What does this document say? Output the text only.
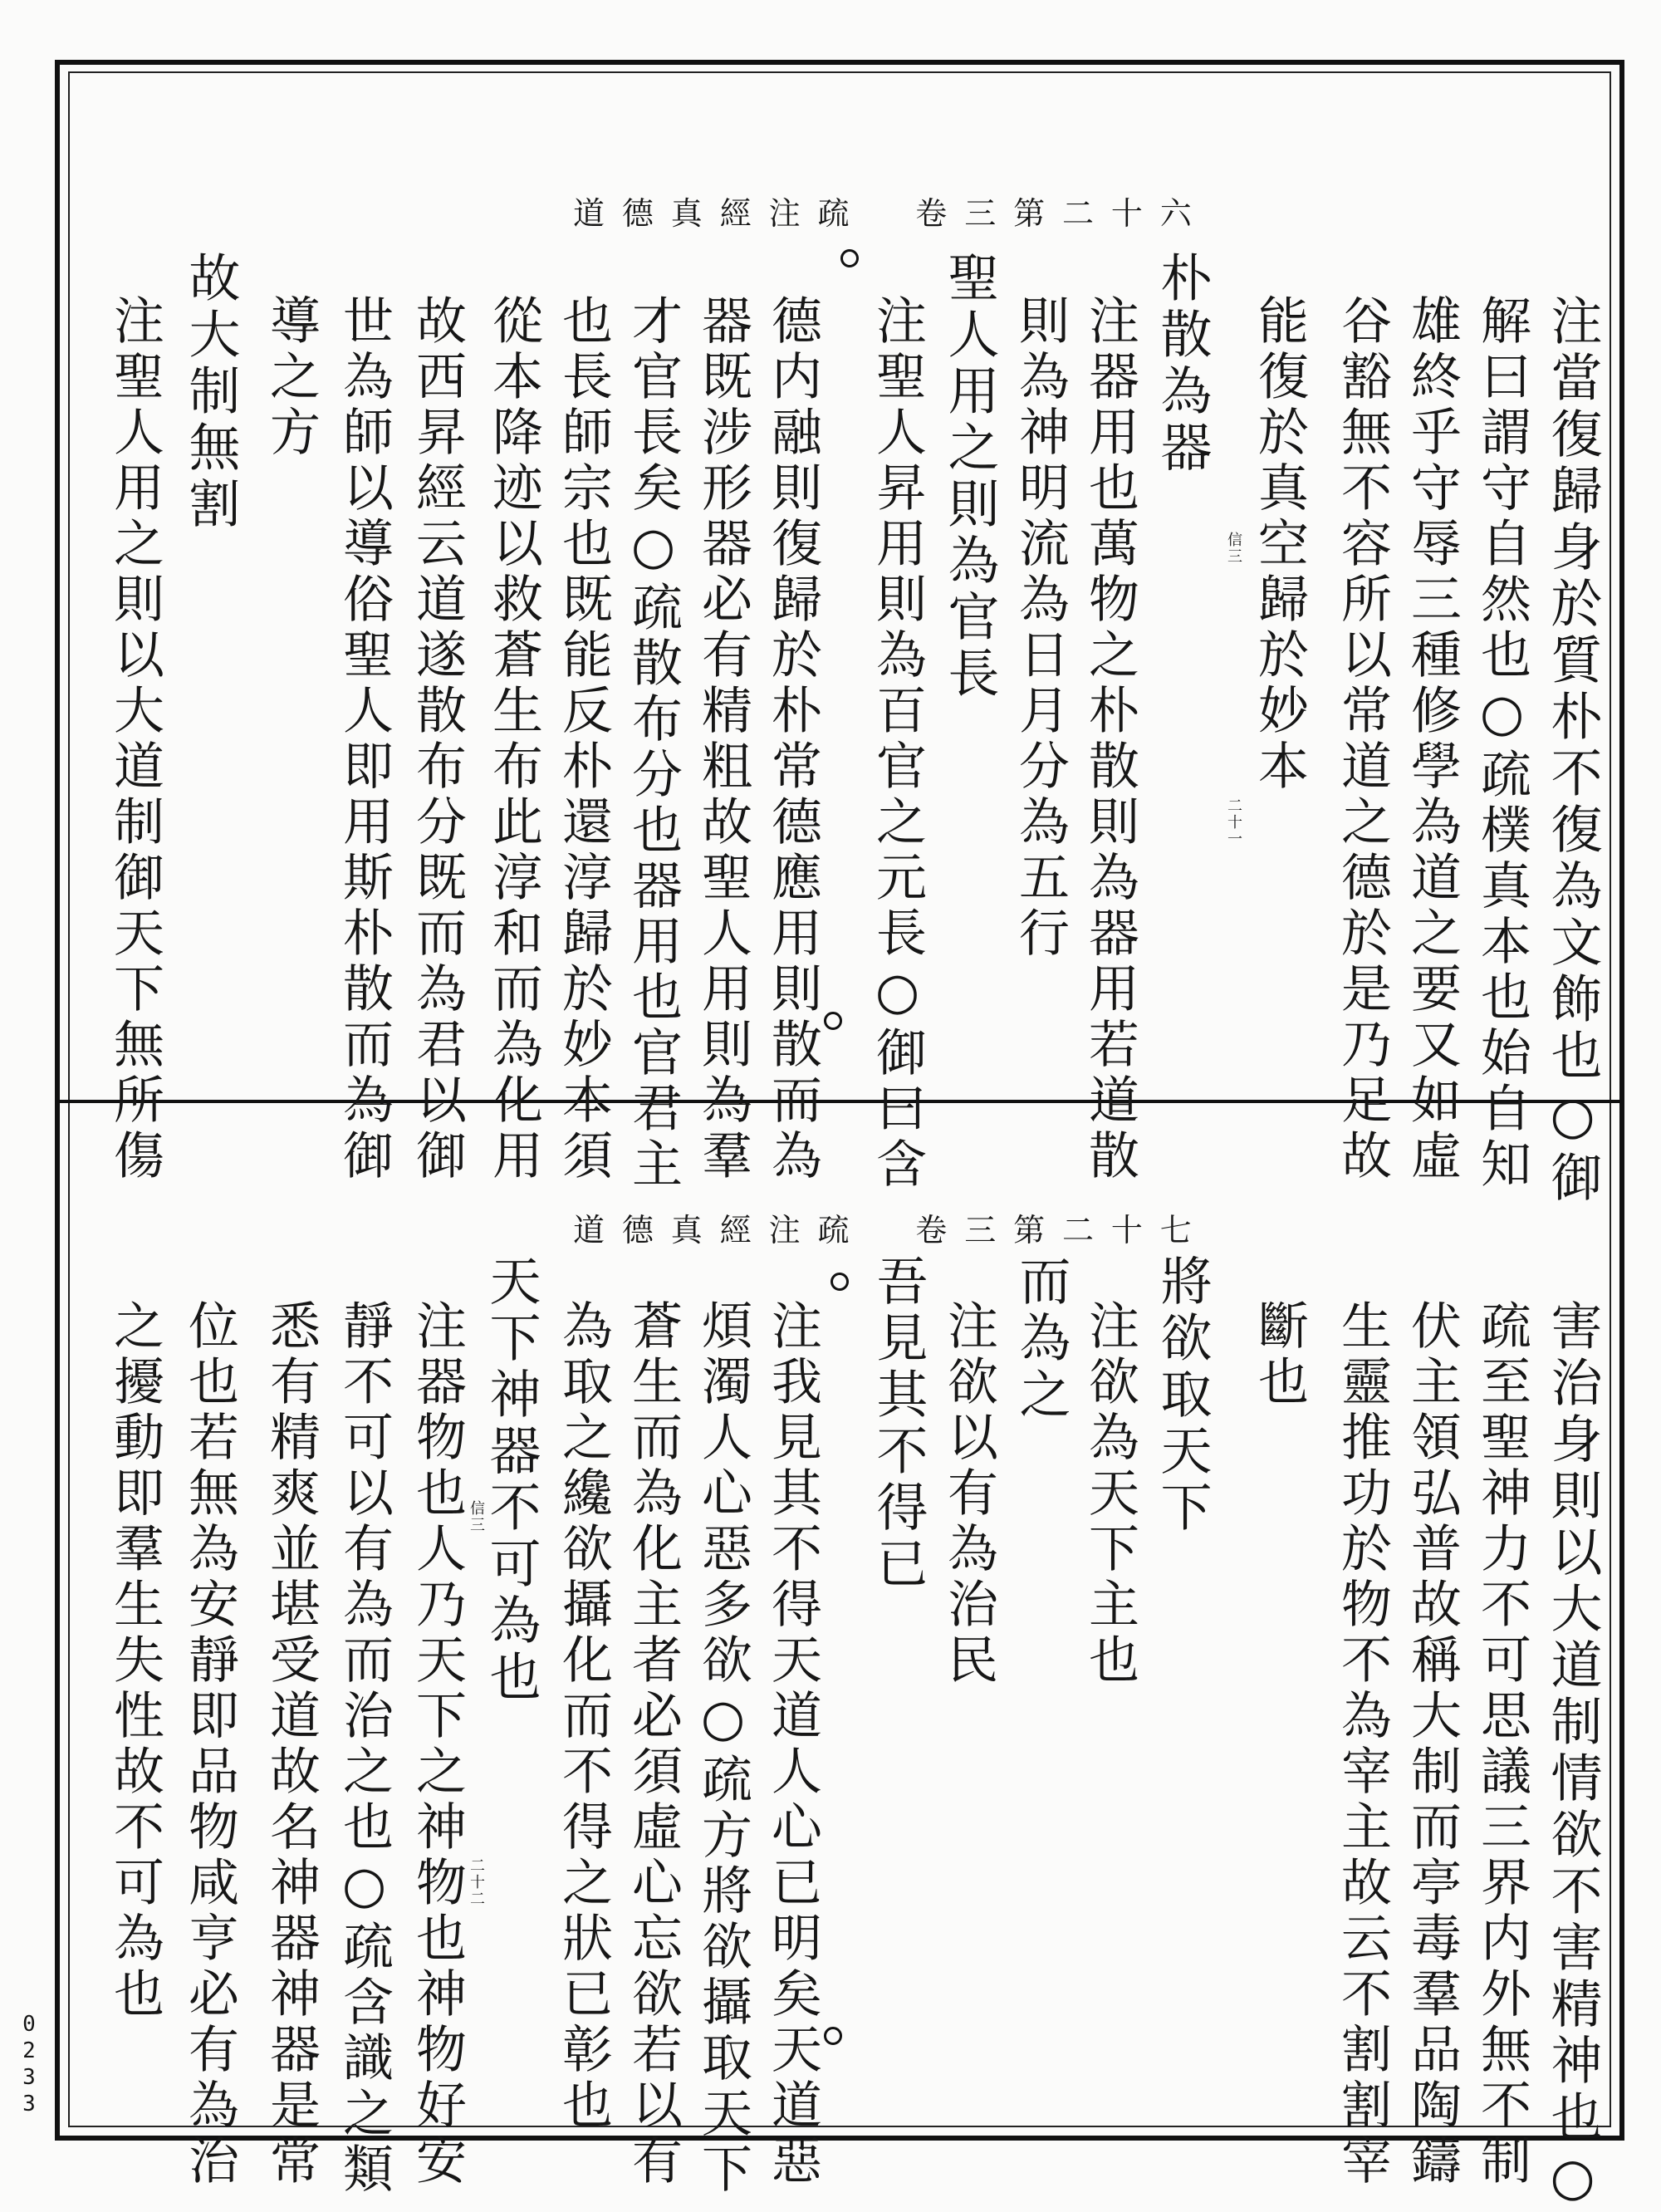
道德真經注疏　卷三第二十六
注當復歸身於質朴不復為文飾也○御
解曰謂守自然也○疏樸真本也始自知
雄終乎守辱三種修學為道之要又如虛
谷豁無不容所以常道之德於是乃足故
能復於真空歸於妙本
朴散為器
注器用也萬物之朴散則為器用若道散
則為神明流為日月分為五行
聖人用之則為官長
注聖人昇用則為百官之元長○御曰含
德内融則復歸於朴常德應用則散而為
器既涉形器必有精粗故聖人用則為羣
才官長矣○疏散布分也器用也官君主
也長師宗也既能反朴還淳歸於妙本須
從本降迹以救蒼生布此淳和而為化用
故西昇經云道遂散布分既而為君以御
世為師以導俗聖人即用斯朴散而為御
導之方
故大制無割
注聖人用之則以大道制御天下無所傷	信三
二十一
道德真經注疏　卷三第二十七
害治身則以大道制情欲不害精神也○
疏至聖神力不可思議三界内外無不制
伏主領弘普故稱大制而亭毒羣品陶鑄
生靈推功於物不為宰主故云不割割宰
斷也
將欲取天下
注欲為天下主也
而為之
注欲以有為治民
吾見其不得已
注我見其不得天道人心已明矣天道惡
煩濁人心惡多欲○疏方將欲攝取天下
蒼生而為化主者必須虛心忘欲若以有
為取之纔欲攝化而不得之狀已彰也
天下神器不可為也
注器物也人乃天下之神物也神物好安
靜不可以有為而治之也○疏含識之類
悉有精爽並堪受道故名神器神器是常
位也若無為安靜即品物咸亨必有為治
之擾動即羣生失性故不可為也	信三
二十二
0233
